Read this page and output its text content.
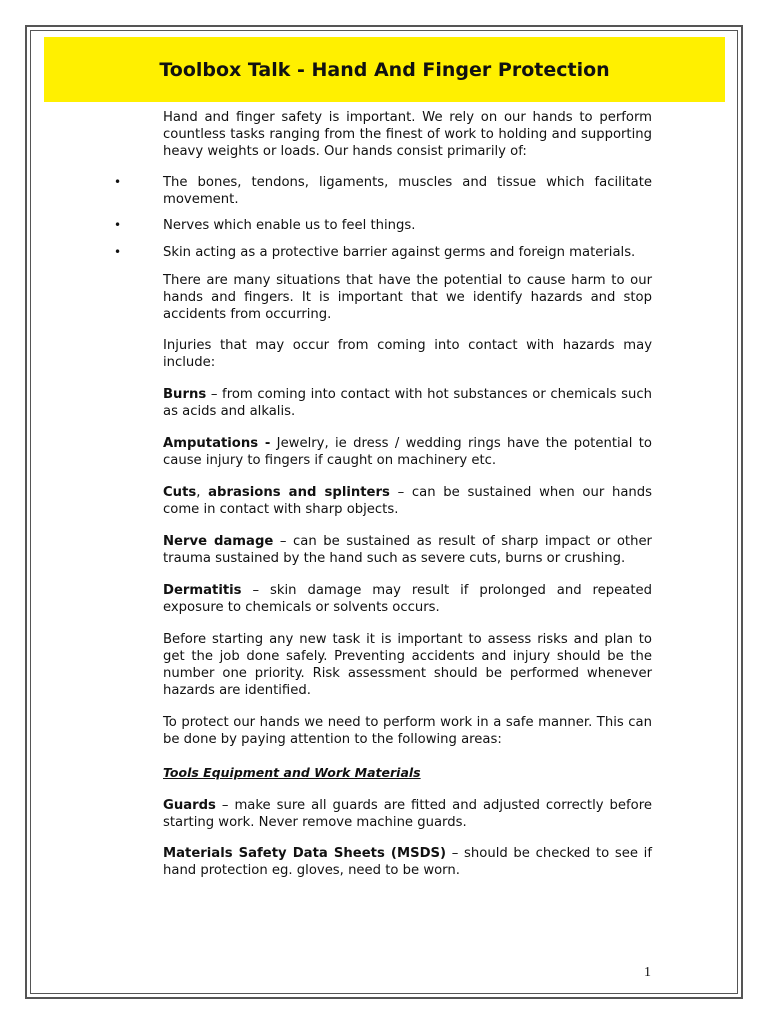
Toolbox Talk - Hand And Finger Protection

Hand and finger safety is important. We rely on our hands to perform countless tasks ranging from the finest of work to holding and supporting heavy weights or loads. Our hands consist primarily of:

•	The bones, tendons, ligaments, muscles and tissue which facilitate movement.

•	Nerves which enable us to feel things.

•	Skin acting as a protective barrier against germs and foreign materials.

There are many situations that have the potential to cause harm to our hands and fingers. It is important that we identify hazards and stop accidents from occurring.

Injuries that may occur from coming into contact with hazards may include:

Burns – from coming into contact with hot substances or chemicals such as acids and alkalis.

Amputations - Jewelry, ie dress / wedding rings have the potential to cause injury to fingers if caught on machinery etc.

Cuts, abrasions and splinters – can be sustained when our hands come in contact with sharp objects.

Nerve damage – can be sustained as result of sharp impact or other trauma sustained by the hand such as severe cuts, burns or crushing.

Dermatitis – skin damage may result if prolonged and repeated exposure to chemicals or solvents occurs.

Before starting any new task it is important to assess risks and plan to get the job done safely. Preventing accidents and injury should be the number one priority. Risk assessment should be performed whenever hazards are identified.

To protect our hands we need to perform work in a safe manner. This can be done by paying attention to the following areas:

Tools Equipment and Work Materials

Guards – make sure all guards are fitted and adjusted correctly before starting work. Never remove machine guards.

Materials Safety Data Sheets (MSDS) – should be checked to see if hand protection eg. gloves, need to be worn.

1
